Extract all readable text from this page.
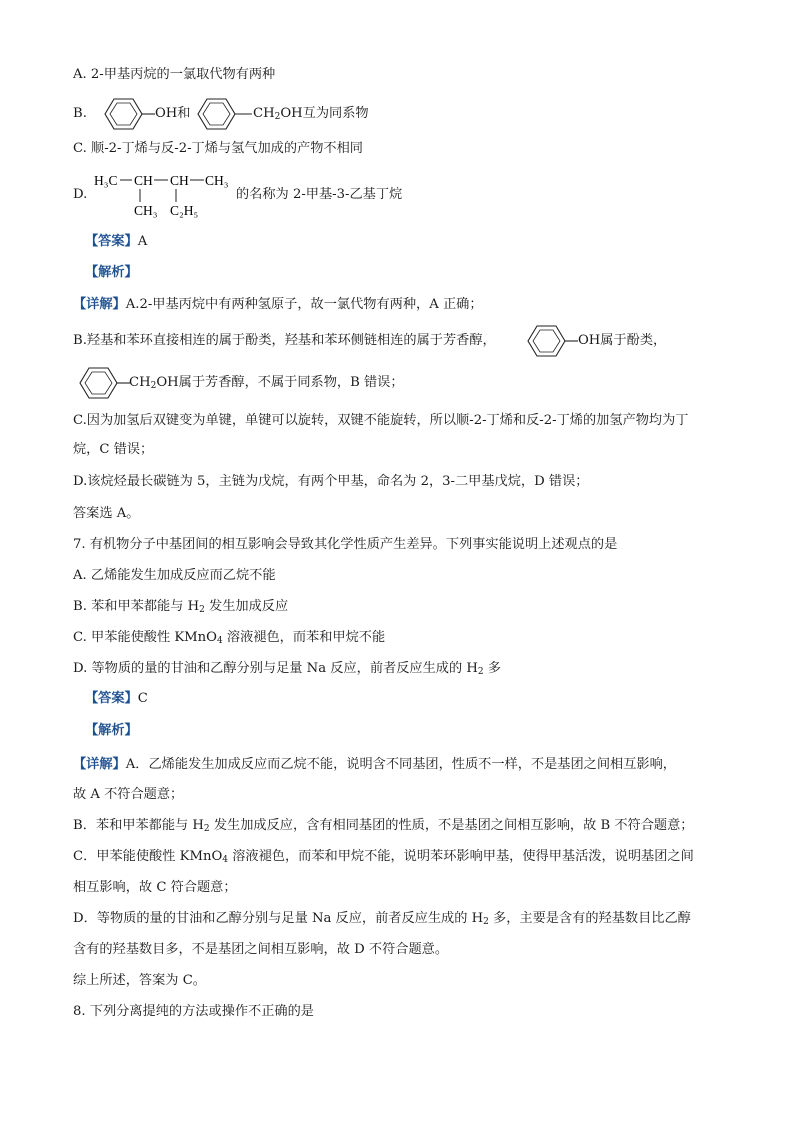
A. 2-甲基丙烷的一氯取代物有两种
B.	OH和	$CH_2OH$互为同系物
C. 顺-2-丁烯与反-2-丁烯与氢气加成的产物不相同
D.
H₃C CH CH CH₃
CH₃ C₂H₅
的名称为 2-甲基-3-乙基丁烷
【答案】A
【解析】
【详解】A.2-甲基丙烷中有两种氢原子，故一氯代物有两种，A 正确；
B.羟基和苯环直接相连的属于酚类，羟基和苯环侧链相连的属于芳香醇，	OH属于酚类，
$CH_2OH$属于芳香醇，不属于同系物，B 错误；
C.因为加氢后双键变为单键，单键可以旋转，双键不能旋转，所以顺-2-丁烯和反-2-丁烯的加氢产物均为丁
烷，C 错误；
D.该烷烃最长碳链为 5，主链为戊烷，有两个甲基，命名为 2，3-二甲基戊烷，D 错误；
答案选 A。
7. 有机物分子中基团间的相互影响会导致其化学性质产生差异。下列事实能说明上述观点的是
A. 乙烯能发生加成反应而乙烷不能
B. 苯和甲苯都能与 $H_2$ 发生加成反应
C. 甲苯能使酸性 KMnO$_4$ 溶液褪色，而苯和甲烷不能
D. 等物质的量的甘油和乙醇分别与足量 Na 反应，前者反应生成的 $H_2$ 多
【答案】C
【解析】
【详解】A．乙烯能发生加成反应而乙烷不能，说明含不同基团，性质不一样，不是基团之间相互影响，
故 A 不符合题意；
B．苯和甲苯都能与 $H_2$ 发生加成反应，含有相同基团的性质，不是基团之间相互影响，故 B 不符合题意；
C．甲苯能使酸性 KMnO$_4$ 溶液褪色，而苯和甲烷不能，说明苯环影响甲基，使得甲基活泼，说明基团之间
相互影响，故 C 符合题意；
D．等物质的量的甘油和乙醇分别与足量 Na 反应，前者反应生成的 $H_2$ 多，主要是含有的羟基数目比乙醇
含有的羟基数目多，不是基团之间相互影响，故 D 不符合题意。
综上所述，答案为 C。
8. 下列分离提纯的方法或操作不正确的是
